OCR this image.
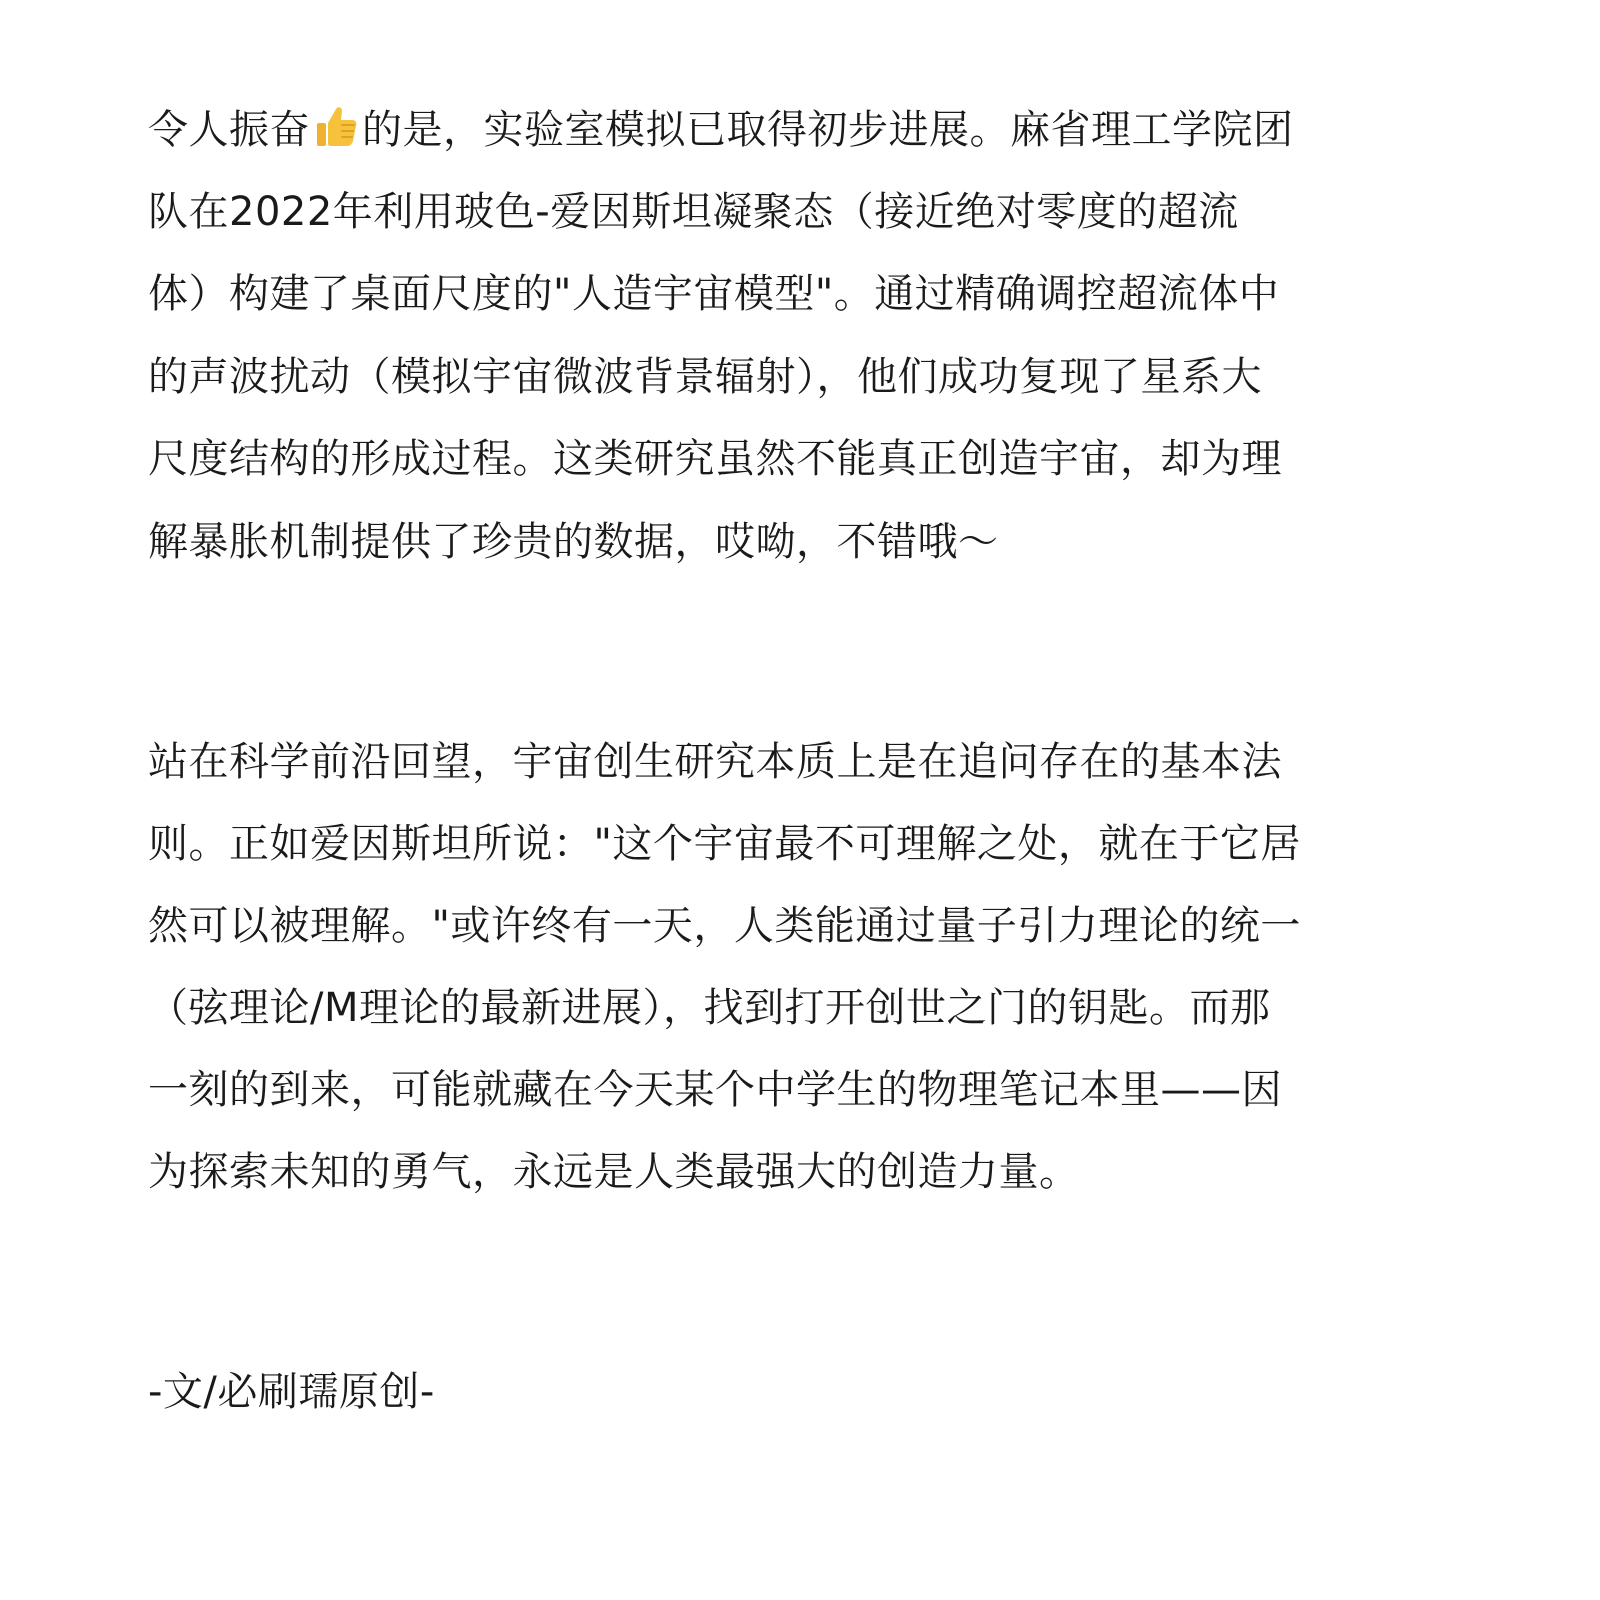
令人振奋 的是，实验室模拟已取得初步进展。麻省理工学院团
队在2022年利用玻色-爱因斯坦凝聚态（接近绝对零度的超流
体）构建了桌面尺度的"人造宇宙模型"。通过精确调控超流体中
的声波扰动（模拟宇宙微波背景辐射），他们成功复现了星系大
尺度结构的形成过程。这类研究虽然不能真正创造宇宙，却为理
解暴胀机制提供了珍贵的数据，哎呦，不错哦～
站在科学前沿回望，宇宙创生研究本质上是在追问存在的基本法
则。正如爱因斯坦所说："这个宇宙最不可理解之处，就在于它居
然可以被理解。"或许终有一天，人类能通过量子引力理论的统一
（弦理论/M理论的最新进展），找到打开创世之门的钥匙。而那
一刻的到来，可能就藏在今天某个中学生的物理笔记本里——因
为探索未知的勇气，永远是人类最强大的创造力量。
-文/必刷瓀原创-
